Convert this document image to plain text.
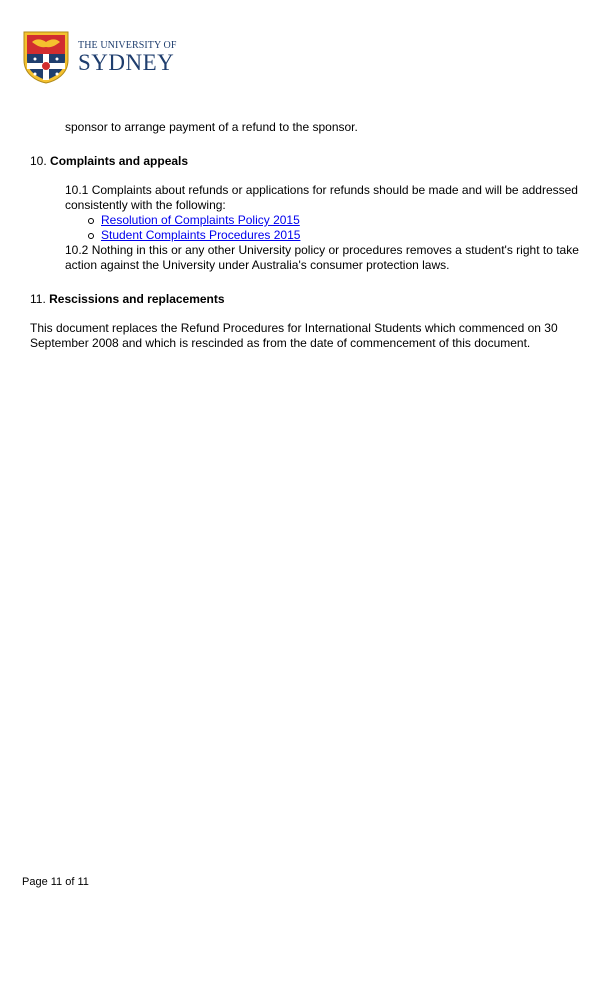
THE UNIVERSITY OF
SYDNEY

sponsor to arrange payment of a refund to the sponsor.

10. Complaints and appeals

10.1 Complaints about refunds or applications for refunds should be made and will be addressed consistently with the following:

Resolution of Complaints Policy 2015
Student Complaints Procedures 2015

10.2 Nothing in this or any other University policy or procedures removes a student's right to take action against the University under Australia's consumer protection laws.

11. Rescissions and replacements

This document replaces the Refund Procedures for International Students which commenced on 30 September 2008 and which is rescinded as from the date of commencement of this document.

Page 11 of 11
